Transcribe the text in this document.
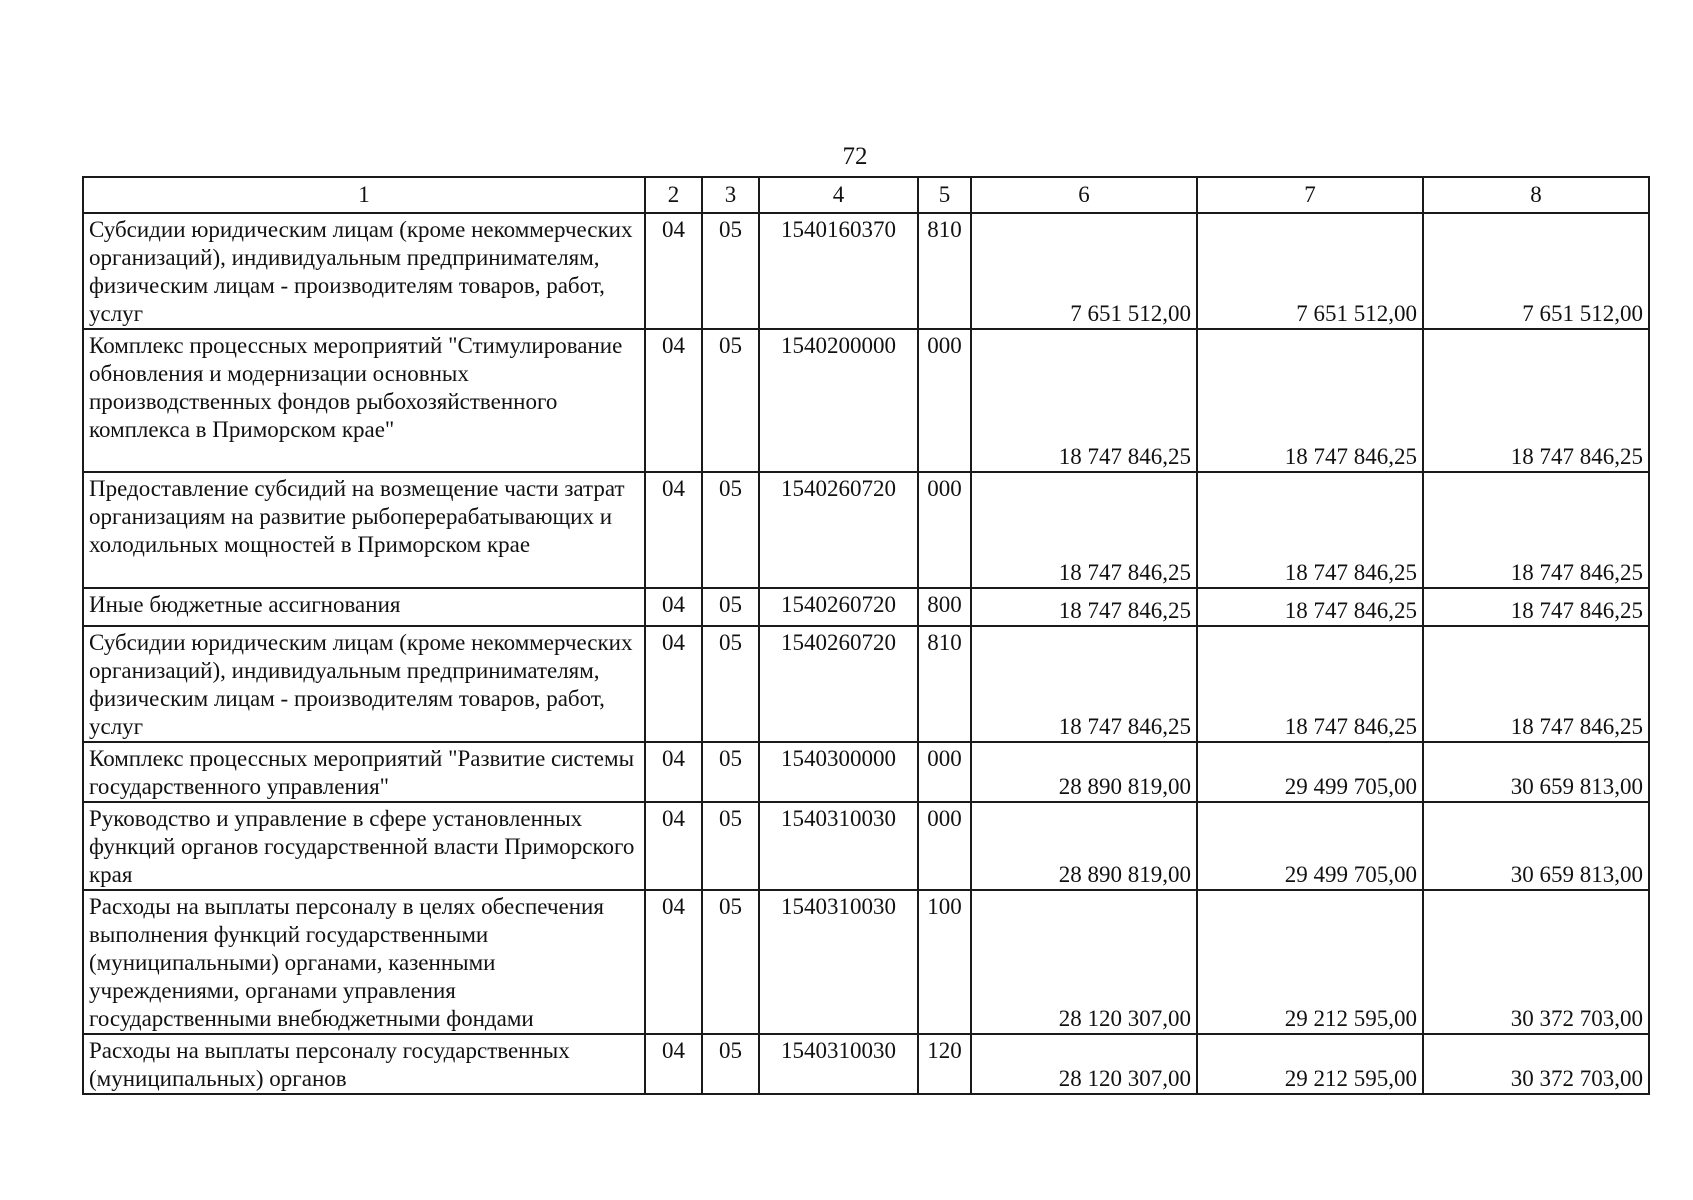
72
1	2	3	4	5	6	7	8
Субсидии юридическим лицам (кроме некоммерческих организаций), индивидуальным предпринимателям, физическим лицам - производителям товаров, работ, услуг	04	05	1540160370	810	7 651 512,00	7 651 512,00	7 651 512,00
Комплекс процессных мероприятий "Стимулирование обновления и модернизации основных производственных фондов рыбохозяйственного комплекса в Приморском крае"	04	05	1540200000	000	18 747 846,25	18 747 846,25	18 747 846,25
Предоставление субсидий на возмещение части затрат организациям на развитие рыбоперерабатывающих и холодильных мощностей в Приморском крае	04	05	1540260720	000	18 747 846,25	18 747 846,25	18 747 846,25
Иные бюджетные ассигнования	04	05	1540260720	800	18 747 846,25	18 747 846,25	18 747 846,25
Субсидии юридическим лицам (кроме некоммерческих организаций), индивидуальным предпринимателям, физическим лицам - производителям товаров, работ, услуг	04	05	1540260720	810	18 747 846,25	18 747 846,25	18 747 846,25
Комплекс процессных мероприятий "Развитие системы государственного управления"	04	05	1540300000	000	28 890 819,00	29 499 705,00	30 659 813,00
Руководство и управление в сфере установленных функций органов государственной власти Приморского края	04	05	1540310030	000	28 890 819,00	29 499 705,00	30 659 813,00
Расходы на выплаты персоналу в целях обеспечения выполнения функций государственными (муниципальными) органами, казенными учреждениями, органами управления государственными внебюджетными фондами	04	05	1540310030	100	28 120 307,00	29 212 595,00	30 372 703,00
Расходы на выплаты персоналу государственных (муниципальных) органов	04	05	1540310030	120	28 120 307,00	29 212 595,00	30 372 703,00
